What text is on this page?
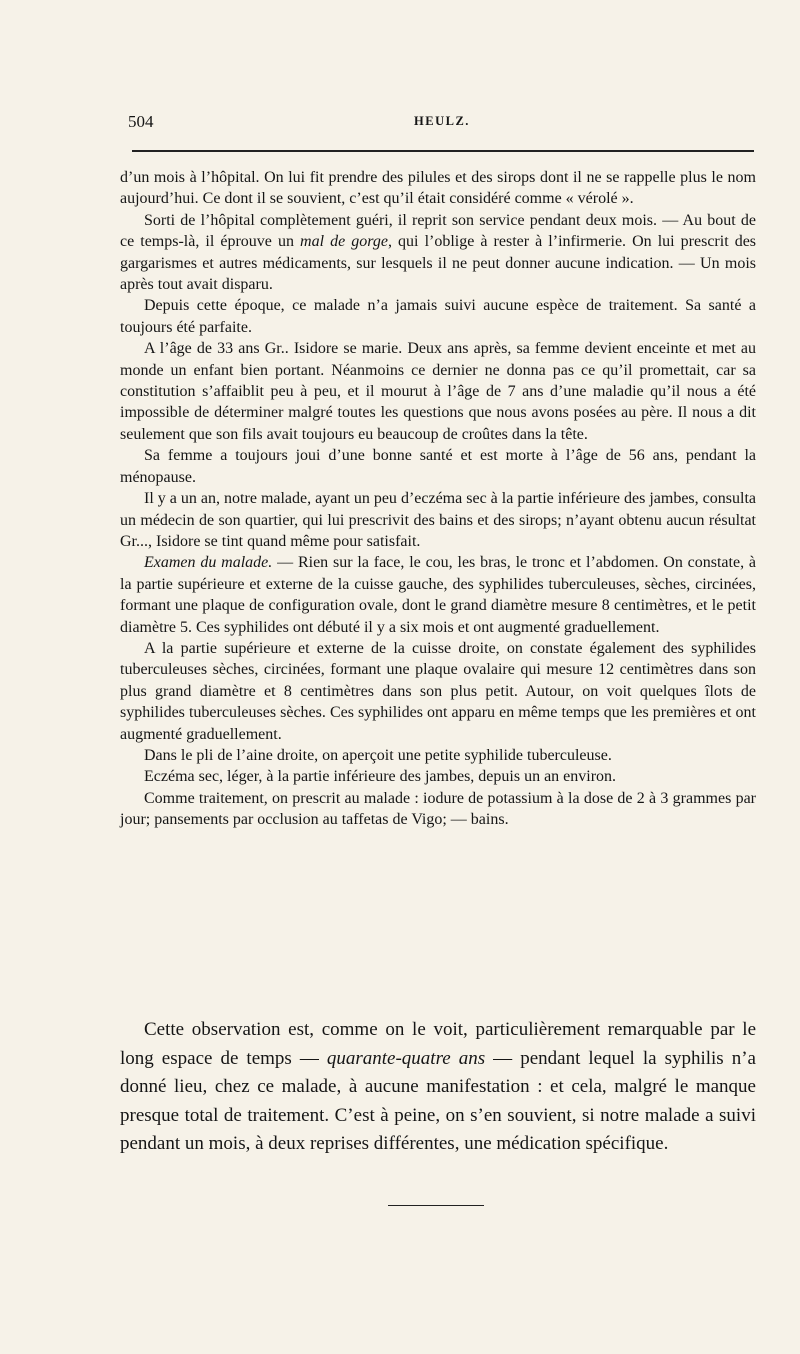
504	HEULZ.

d’un mois à l’hôpital. On lui fit prendre des pilules et des sirops dont il ne se rappelle plus le nom aujourd’hui. Ce dont il se souvient, c’est qu’il était considéré comme « vérolé ».

Sorti de l’hôpital complètement guéri, il reprit son service pendant deux mois. — Au bout de ce temps-là, il éprouve un mal de gorge, qui l’oblige à rester à l’infirmerie. On lui prescrit des gargarismes et autres médicaments, sur lesquels il ne peut donner aucune indication. — Un mois après tout avait disparu.

Depuis cette époque, ce malade n’a jamais suivi aucune espèce de traitement. Sa santé a toujours été parfaite.

A l’âge de 33 ans Gr.. Isidore se marie. Deux ans après, sa femme devient enceinte et met au monde un enfant bien portant. Néanmoins ce dernier ne donna pas ce qu’il promettait, car sa constitution s’affaiblit peu à peu, et il mourut à l’âge de 7 ans d’une maladie qu’il nous a été impossible de déterminer malgré toutes les questions que nous avons posées au père. Il nous a dit seulement que son fils avait toujours eu beaucoup de croûtes dans la tête.

Sa femme a toujours joui d’une bonne santé et est morte à l’âge de 56 ans, pendant la ménopause.

Il y a un an, notre malade, ayant un peu d’eczéma sec à la partie inférieure des jambes, consulta un médecin de son quartier, qui lui prescrivit des bains et des sirops; n’ayant obtenu aucun résultat Gr..., Isidore se tint quand même pour satisfait.

Examen du malade. — Rien sur la face, le cou, les bras, le tronc et l’abdomen. On constate, à la partie supérieure et externe de la cuisse gauche, des syphilides tuberculeuses, sèches, circinées, formant une plaque de configuration ovale, dont le grand diamètre mesure 8 centimètres, et le petit diamètre 5. Ces syphilides ont débuté il y a six mois et ont augmenté graduellement.

A la partie supérieure et externe de la cuisse droite, on constate également des syphilides tuberculeuses sèches, circinées, formant une plaque ovalaire qui mesure 12 centimètres dans son plus grand diamètre et 8 centimètres dans son plus petit. Autour, on voit quelques îlots de syphilides tuberculeuses sèches. Ces syphilides ont apparu en même temps que les premières et ont augmenté graduellement.

Dans le pli de l’aine droite, on aperçoit une petite syphilide tuberculeuse.

Eczéma sec, léger, à la partie inférieure des jambes, depuis un an environ.

Comme traitement, on prescrit au malade : iodure de potassium à la dose de 2 à 3 grammes par jour; pansements par occlusion au taffetas de Vigo; — bains.

Cette observation est, comme on le voit, particulièrement remarquable par le long espace de temps — quarante-quatre ans — pendant lequel la syphilis n’a donné lieu, chez ce malade, à aucune manifestation : et cela, malgré le manque presque total de traitement. C’est à peine, on s’en souvient, si notre malade a suivi pendant un mois, à deux reprises différentes, une médication spécifique.
